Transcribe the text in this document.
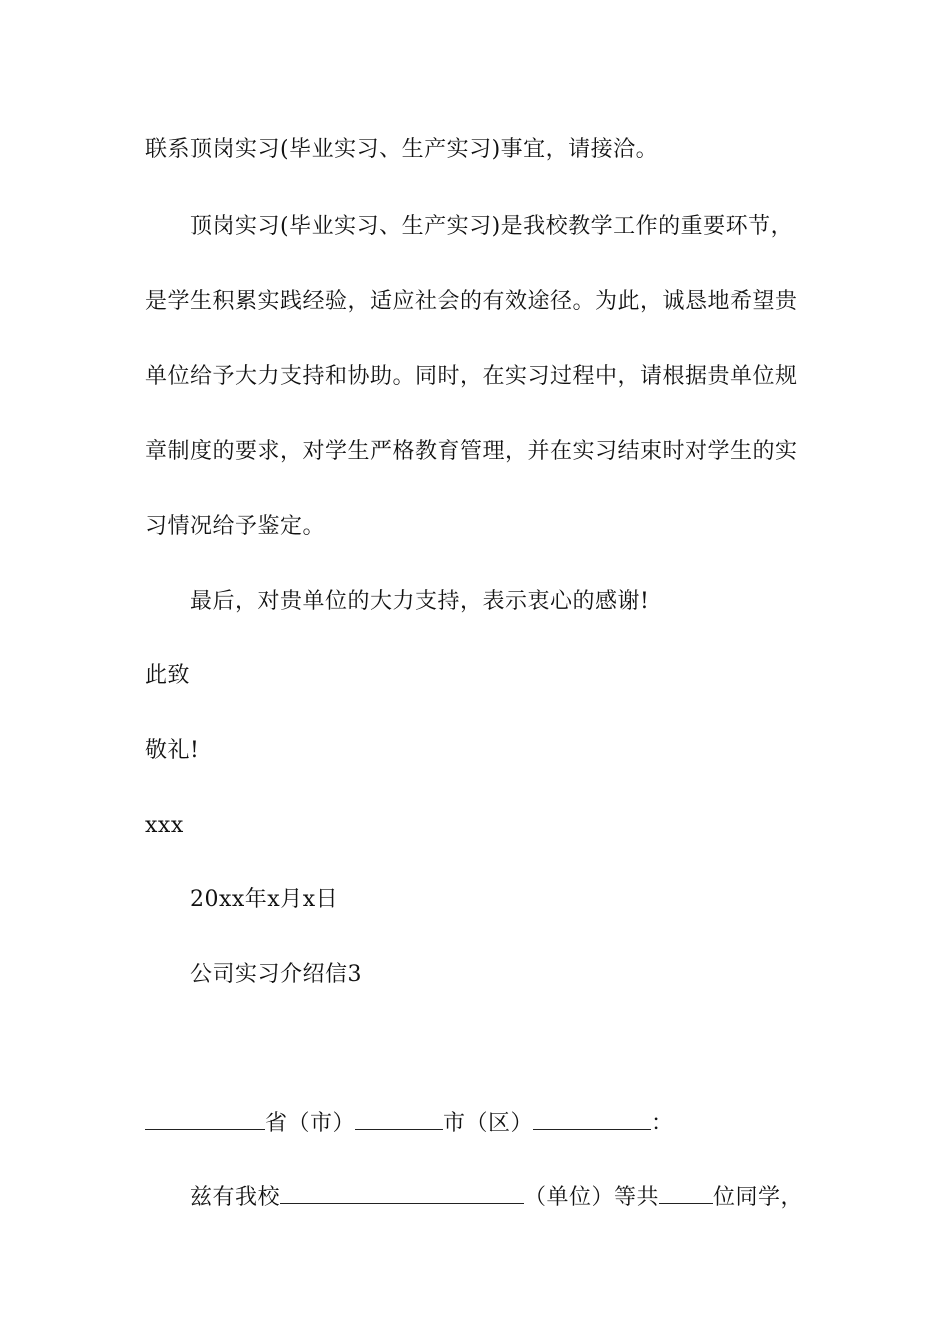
联系顶岗实习(毕业实习、生产实习)事宜，请接洽。
顶岗实习(毕业实习、生产实习)是我校教学工作的重要环节，
是学生积累实践经验，适应社会的有效途径。为此，诚恳地希望贵
单位给予大力支持和协助。同时，在实习过程中，请根据贵单位规
章制度的要求，对学生严格教育管理，并在实习结束时对学生的实
习情况给予鉴定。
最后，对贵单位的大力支持，表示衷心的感谢!
此致
敬礼!
xxx
20xx年x月x日
公司实习介绍信3
省（市）	市（区）	：
兹有我校	（单位）等共 位同学，
